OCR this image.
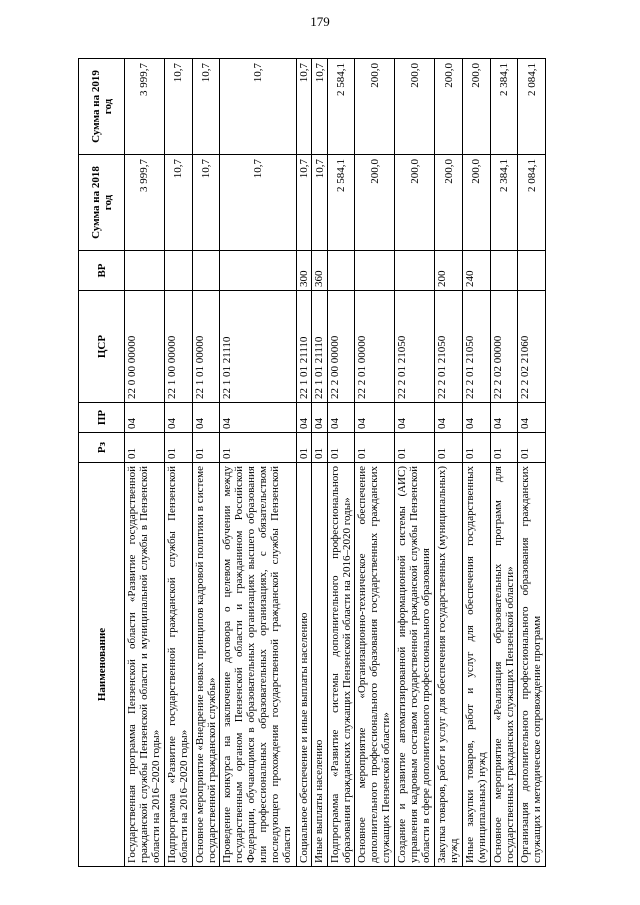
179
Наименование	Рз	ПР	ЦСР	ВР	Сумма на 2018 год	Сумма на 2019 год
Государственная программа Пензенской области «Развитие государственной гражданской службы Пензенской области и муниципальной службы в Пензенской области на 2016–2020 годы»	01	04	22 0 00 00000		3 999,7	3 999,7
Подпрограмма «Развитие государственной гражданской службы Пензенской области на 2016–2020 годы»	01	04	22 1 00 00000		10,7	10,7
Основное мероприятие «Внедрение новых принципов кадровой политики в системе государственной гражданской службы»	01	04	22 1 01 00000		10,7	10,7
Проведение конкурса на заключение договора о целевом обучении между государственным органом Пензенской области и гражданином Российской Федерации, обучающимся в образовательных организациях высшего образования или профессиональных образовательных организациях, с обязательством последующего прохождения государственной гражданской службы Пензенской области	01	04	22 1 01 21110		10,7	10,7
Социальное обеспечение и иные выплаты населению	01	04	22 1 01 21110	300	10,7	10,7
Иные выплаты населению	01	04	22 1 01 21110	360	10,7	10,7
Подпрограмма «Развитие системы дополнительного профессионального образования гражданских служащих Пензенской области на 2016–2020 годы»	01	04	22 2 00 00000		2 584,1	2 584,1
Основное мероприятие «Организационно-техническое обеспечение дополнительного профессионального образования государственных гражданских служащих Пензенской области»	01	04	22 2 01 00000		200,0	200,0
Создание и развитие автоматизированной информационной системы (АИС) управления кадровым составом государственной гражданской службы Пензенской области в сфере дополнительного профессионального образования	01	04	22 2 01 21050		200,0	200,0
Закупка товаров, работ и услуг для обеспечения государственных (муниципальных) нужд	01	04	22 2 01 21050	200	200,0	200,0
Иные закупки товаров, работ и услуг для обеспечения государственных (муниципальных) нужд	01	04	22 2 01 21050	240	200,0	200,0
Основное мероприятие «Реализация образовательных программ для государственных гражданских служащих Пензенской области»	01	04	22 2 02 00000		2 384,1	2 384,1
Организация дополнительного профессионального образования гражданских служащих и методическое сопровождение программ	01	04	22 2 02 21060		2 084,1	2 084,1
